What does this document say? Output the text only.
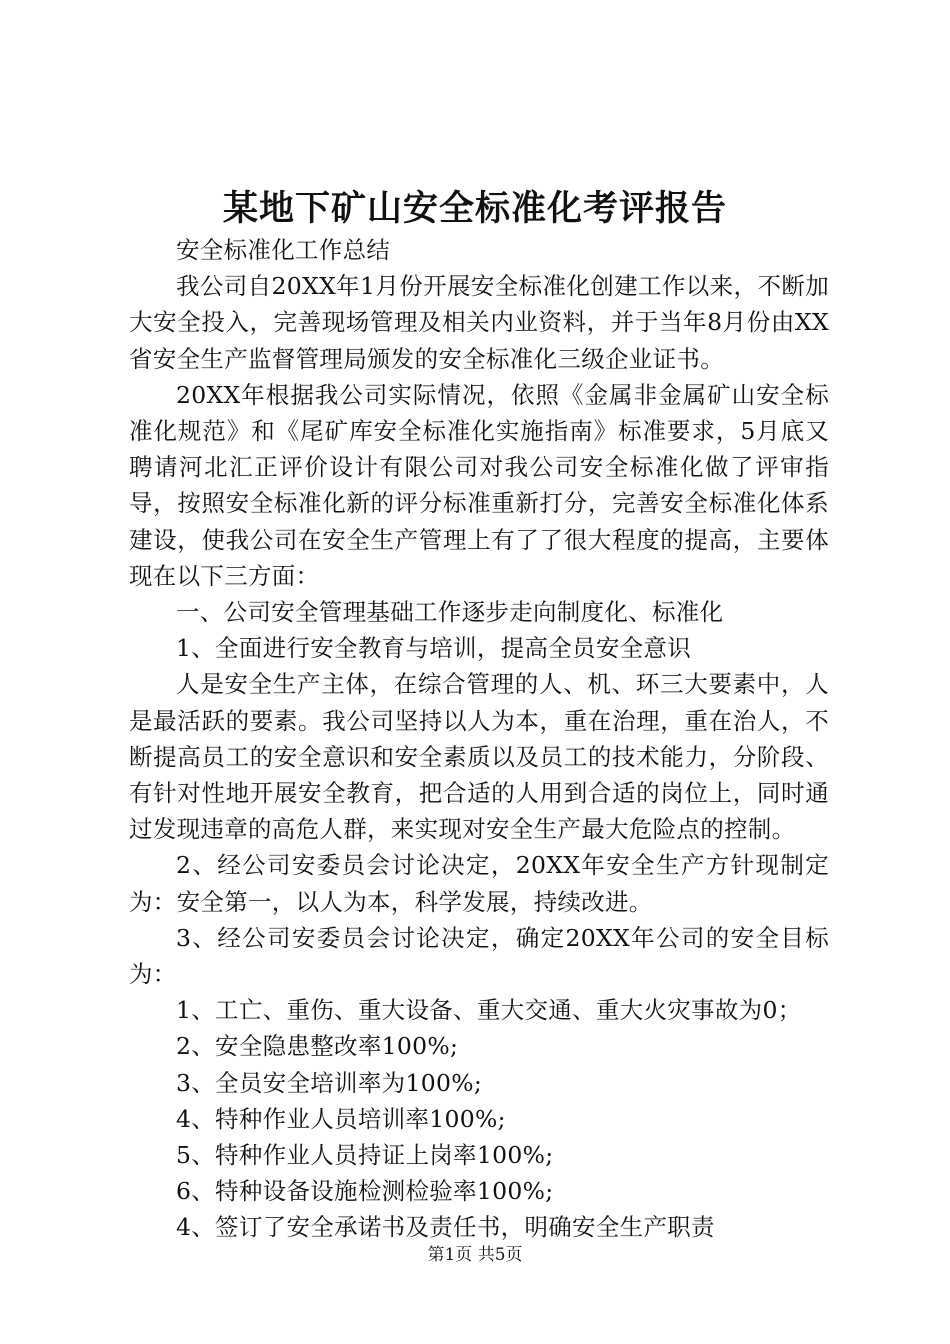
某地下矿山安全标准化考评报告

安全标准化工作总结

我公司自20XX年1月份开展安全标准化创建工作以来，不断加大安全投入，完善现场管理及相关内业资料，并于当年8月份由XX省安全生产监督管理局颁发的安全标准化三级企业证书。

20XX年根据我公司实际情况，依照《金属非金属矿山安全标准化规范》和《尾矿库安全标准化实施指南》标准要求，5月底又聘请河北汇正评价设计有限公司对我公司安全标准化做了评审指导，按照安全标准化新的评分标准重新打分，完善安全标准化体系建设，使我公司在安全生产管理上有了了很大程度的提高，主要体现在以下三方面：

一、公司安全管理基础工作逐步走向制度化、标准化

1、全面进行安全教育与培训，提高全员安全意识

人是安全生产主体，在综合管理的人、机、环三大要素中，人是最活跃的要素。我公司坚持以人为本，重在治理，重在治人，不断提高员工的安全意识和安全素质以及员工的技术能力，分阶段、有针对性地开展安全教育，把合适的人用到合适的岗位上，同时通过发现违章的高危人群，来实现对安全生产最大危险点的控制。

2、经公司安委员会讨论决定，20XX年安全生产方针现制定为：安全第一，以人为本，科学发展，持续改进。

3、经公司安委员会讨论决定，确定20XX年公司的安全目标为：

1、工亡、重伤、重大设备、重大交通、重大火灾事故为0；

2、安全隐患整改率100%;

3、全员安全培训率为100%;

4、特种作业人员培训率100%;

5、特种作业人员持证上岗率100%;

6、特种设备设施检测检验率100%;

4、签订了安全承诺书及责任书，明确安全生产职责

第1页 共5页
